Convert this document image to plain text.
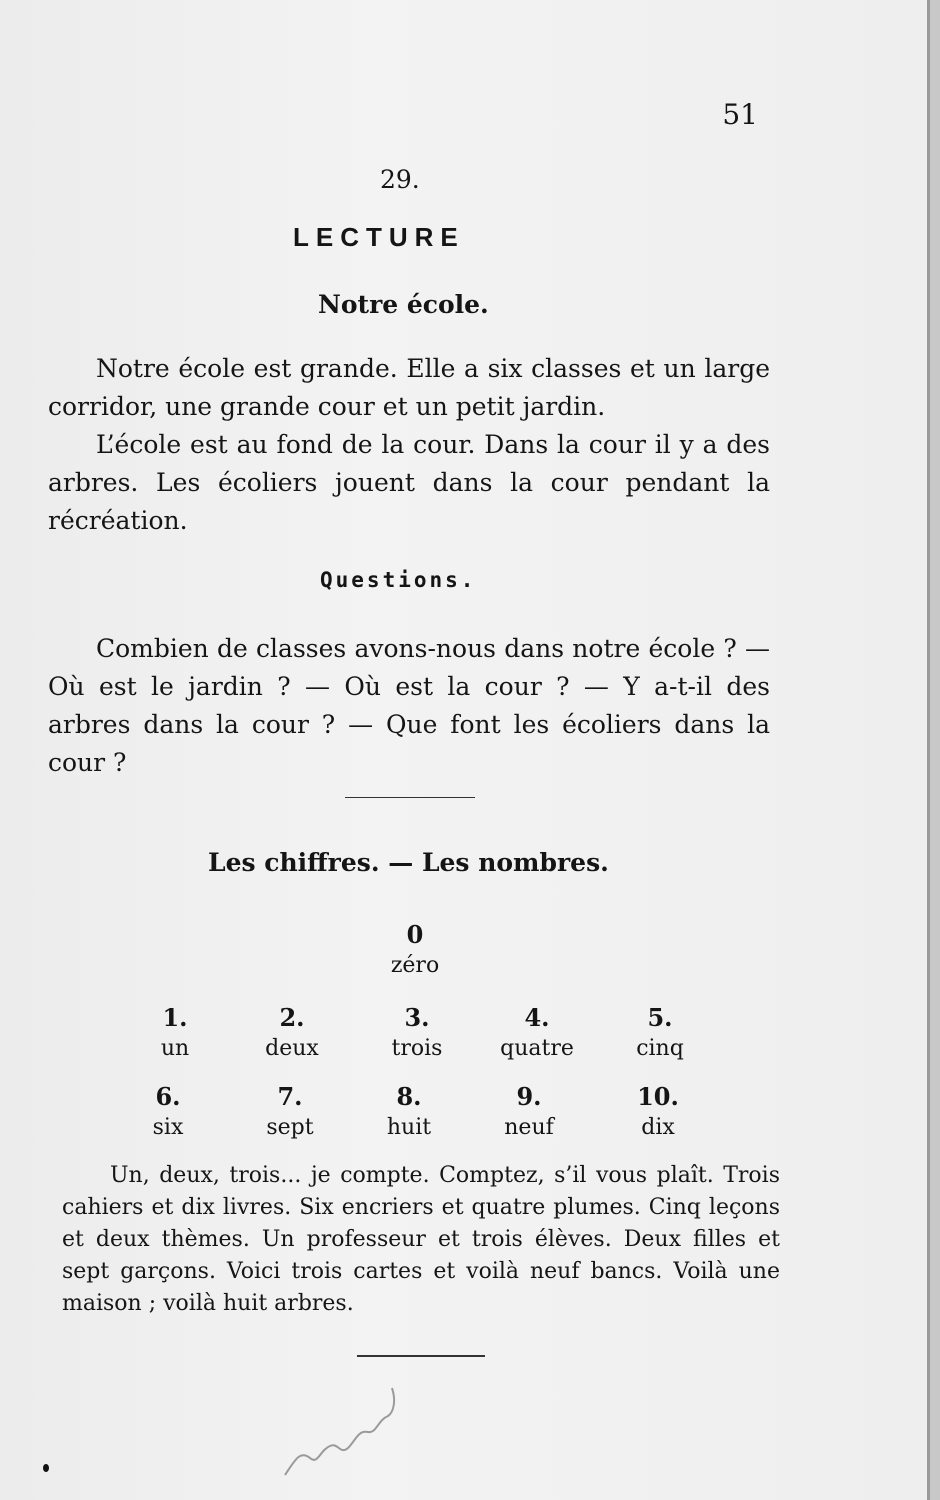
51
29.
LECTURE
Notre école.

Notre école est grande. Elle a six classes et un large corridor, une grande cour et un petit jardin.

L’école est au fond de la cour. Dans la cour il y a des arbres. Les écoliers jouent dans la cour pendant la récréation.

Questions.

Combien de classes avons-nous dans notre école ? — Où est le jardin ? — Où est la cour ? — Y a-t-il des arbres dans la cour ? — Que font les écoliers dans la cour ?

Les chiffres. — Les nombres.
0
zéro
1.
un
2.
deux
3.
trois
4.
quatre
5.
cinq
6.
six
7.
sept
8.
huit
9.
neuf
10.
dix

Un, deux, trois... je compte. Comptez, s’il vous plaît. Trois cahiers et dix livres. Six encriers et quatre plumes. Cinq leçons et deux thèmes. Un professeur et trois élèves. Deux filles et sept garçons. Voici trois cartes et voilà neuf bancs. Voilà une maison ; voilà huit arbres.
